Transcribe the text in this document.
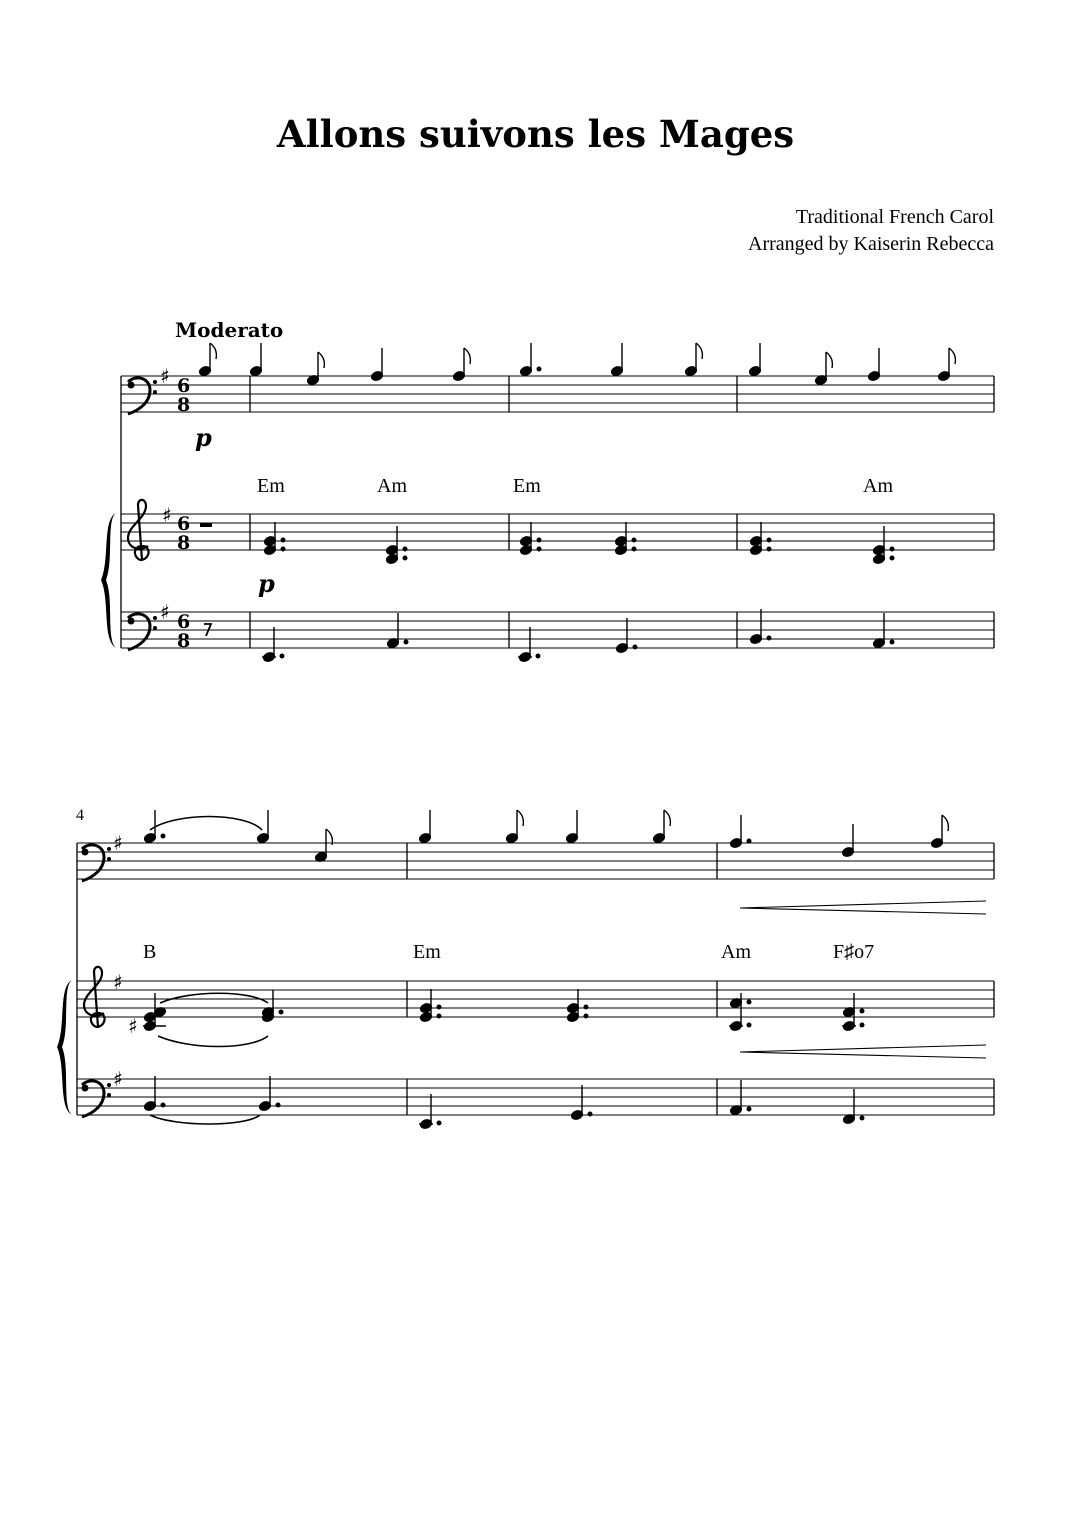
Allons suivons les Mages
Traditional French Carol
Arranged by Kaiserin Rebecca
Moderato
♯ 6
8
p
Em	Am	Em	Am
♯ 6
8
p
♯ 6
8
4
♯
B	Em	Am	F♯o7
♯
♯
♯
